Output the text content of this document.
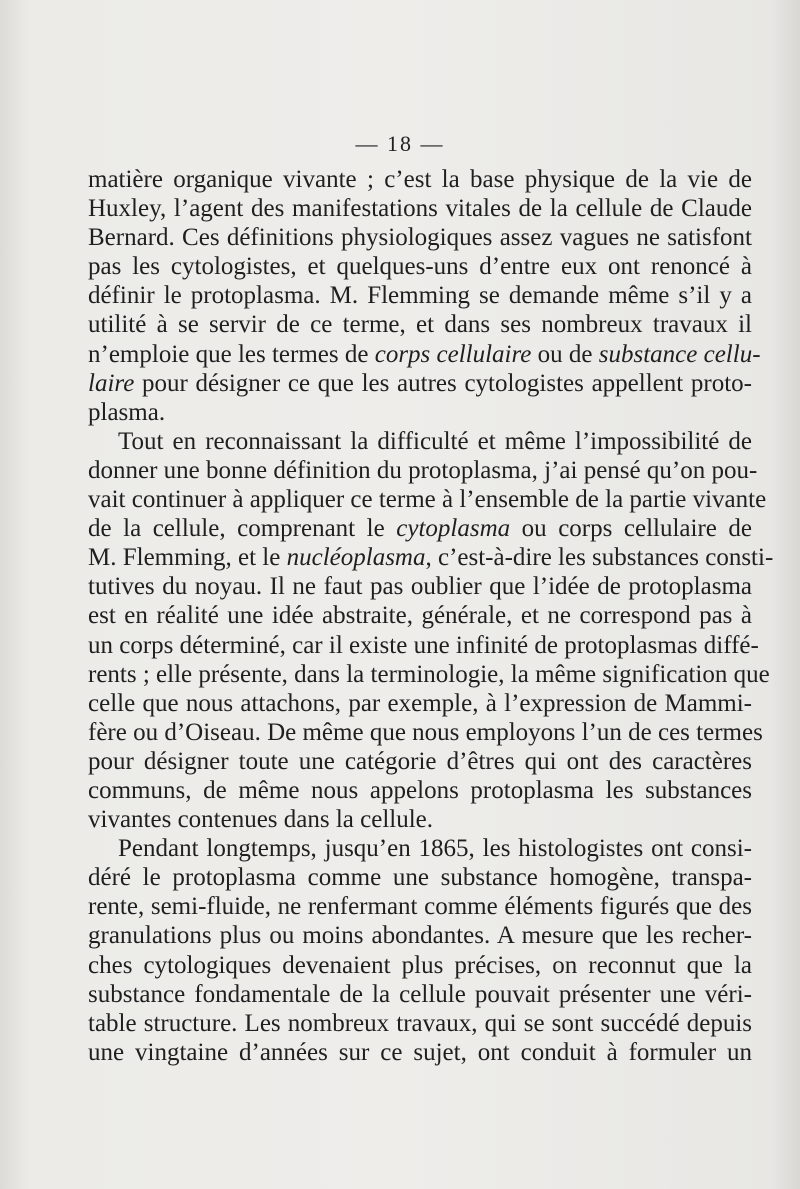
— 18 —
matière organique vivante ; c’est la base physique de la vie de
Huxley, l’agent des manifestations vitales de la cellule de Claude
Bernard. Ces définitions physiologiques assez vagues ne satisfont
pas les cytologistes, et quelques-uns d’entre eux ont renoncé à
définir le protoplasma. M. Flemming se demande même s’il y a
utilité à se servir de ce terme, et dans ses nombreux travaux il
n’emploie que les termes de corps cellulaire ou de substance cellu-
laire pour désigner ce que les autres cytologistes appellent proto-
plasma.
Tout en reconnaissant la difficulté et même l’impossibilité de
donner une bonne définition du protoplasma, j’ai pensé qu’on pou-
vait continuer à appliquer ce terme à l’ensemble de la partie vivante
de la cellule, comprenant le cytoplasma ou corps cellulaire de
M. Flemming, et le nucléoplasma, c’est-à-dire les substances consti-
tutives du noyau. Il ne faut pas oublier que l’idée de protoplasma
est en réalité une idée abstraite, générale, et ne correspond pas à
un corps déterminé, car il existe une infinité de protoplasmas diffé-
rents ; elle présente, dans la terminologie, la même signification que
celle que nous attachons, par exemple, à l’expression de Mammi-
fère ou d’Oiseau. De même que nous employons l’un de ces termes
pour désigner toute une catégorie d’êtres qui ont des caractères
communs, de même nous appelons protoplasma les substances
vivantes contenues dans la cellule.
Pendant longtemps, jusqu’en 1865, les histologistes ont consi-
déré le protoplasma comme une substance homogène, transpa-
rente, semi-fluide, ne renfermant comme éléments figurés que des
granulations plus ou moins abondantes. A mesure que les recher-
ches cytologiques devenaient plus précises, on reconnut que la
substance fondamentale de la cellule pouvait présenter une véri-
table structure. Les nombreux travaux, qui se sont succédé depuis
une vingtaine d’années sur ce sujet, ont conduit à formuler un
